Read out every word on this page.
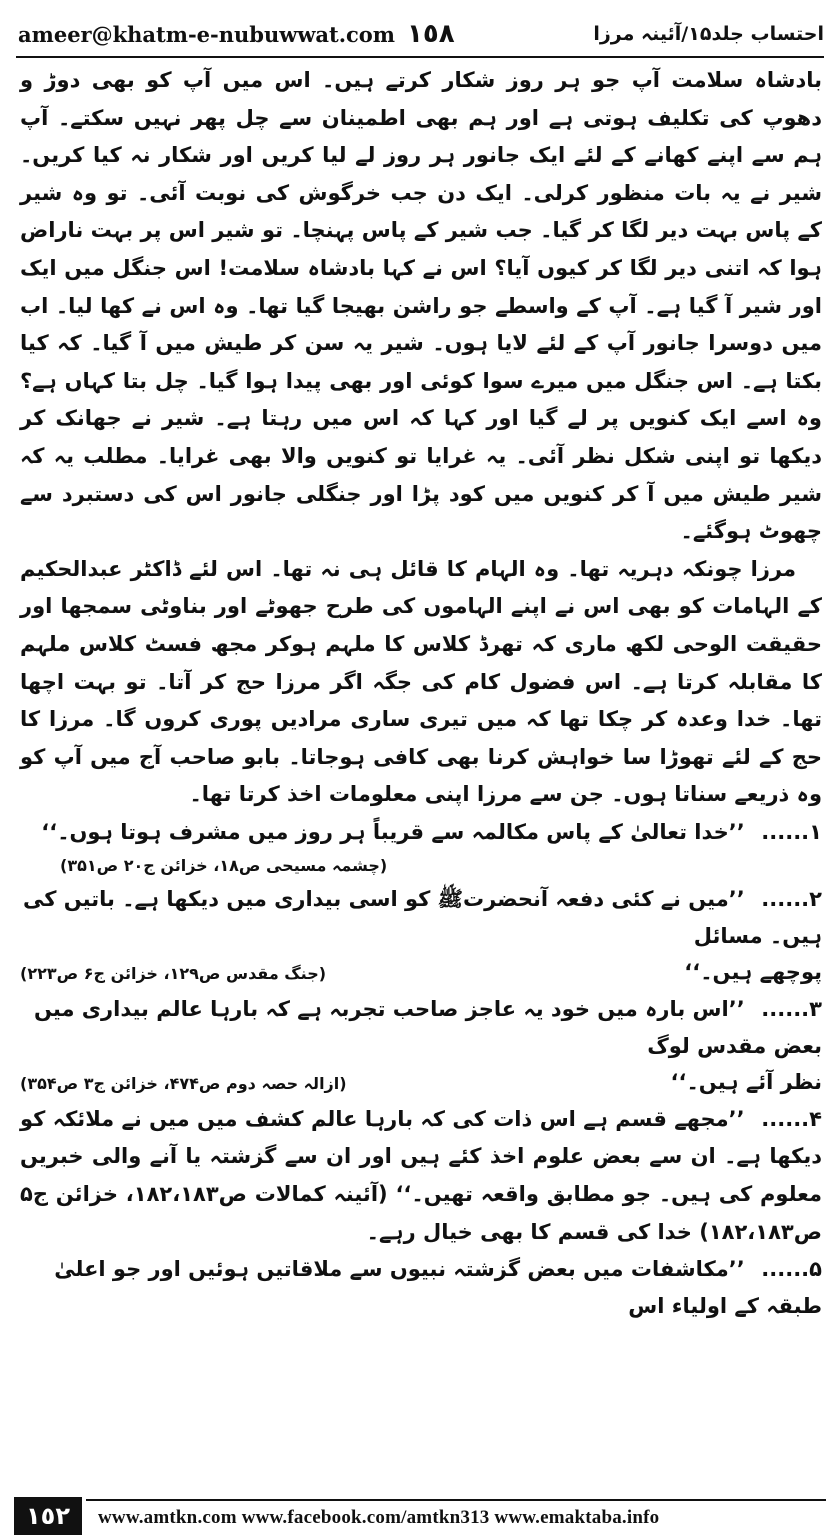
ameer@khatm-e-nubuwwat.com ١٥٨	احتساب جلد۱۵/آئینہ مرزا

بادشاہ سلامت آپ جو ہر روز شکار کرتے ہیں۔ اس میں آپ کو بھی دوڑ و دھوپ کی تکلیف ہوتی ہے اور ہم بھی اطمینان سے چل پھر نہیں سکتے۔ آپ ہم سے اپنے کھانے کے لئے ایک جانور ہر روز لے لیا کریں اور شکار نہ کیا کریں۔ شیر نے یہ بات منظور کرلی۔ ایک دن جب خرگوش کی نوبت آئی۔ تو وہ شیر کے پاس بہت دیر لگا کر گیا۔ جب شیر کے پاس پہنچا۔ تو شیر اس پر بہت ناراض ہوا کہ اتنی دیر لگا کر کیوں آیا؟ اس نے کہا بادشاہ سلامت! اس جنگل میں ایک اور شیر آ گیا ہے۔ آپ کے واسطے جو راشن بھیجا گیا تھا۔ وہ اس نے کھا لیا۔ اب میں دوسرا جانور آپ کے لئے لایا ہوں۔ شیر یہ سن کر طیش میں آ گیا۔ کہ کیا بکتا ہے۔ اس جنگل میں میرے سوا کوئی اور بھی پیدا ہوا گیا۔ چل بتا کہاں ہے؟ وہ اسے ایک کنویں پر لے گیا اور کہا کہ اس میں رہتا ہے۔ شیر نے جھانک کر دیکھا تو اپنی شکل نظر آئی۔ یہ غرایا تو کنویں والا بھی غرایا۔ مطلب یہ کہ شیر طیش میں آ کر کنویں میں کود پڑا اور جنگلی جانور اس کی دستبرد سے چھوٹ ہوگئے۔

مرزا چونکہ دہریہ تھا۔ وہ الہام کا قائل ہی نہ تھا۔ اس لئے ڈاکٹر عبدالحکیم کے الہامات کو بھی اس نے اپنے الہاموں کی طرح جھوٹے اور بناوٹی سمجھا اور حقیقت الوحی لکھ ماری کہ تھرڈ کلاس کا ملہم ہوکر مجھ فسٹ کلاس ملہم کا مقابلہ کرتا ہے۔ اس فضول کام کی جگہ اگر مرزا حج کر آتا۔ تو بہت اچھا تھا۔ خدا وعدہ کر چکا تھا کہ میں تیری ساری مرادیں پوری کروں گا۔ مرزا کا حج کے لئے تھوڑا سا خواہش کرنا بھی کافی ہوجاتا۔ بابو صاحب آج میں آپ کو وہ ذریعے سناتا ہوں۔ جن سے مرزا اپنی معلومات اخذ کرتا تھا۔

۱...... ’’خدا تعالیٰ کے پاس مکالمہ سے قریباً ہر روز میں مشرف ہوتا ہوں۔‘‘

(چشمہ مسیحی ص۱۸، خزائن ج۲۰ ص۳۵۱)

۲...... ’’میں نے کئی دفعہ آنحضرتﷺ کو اسی بیداری میں دیکھا ہے۔ باتیں کی ہیں۔ مسائل

پوچھے ہیں۔‘‘
(جنگ مقدس ص۱۲۹، خزائن ج۶ ص۲۲۳)

۳...... ’’اس بارہ میں خود یہ عاجز صاحب تجربہ ہے کہ بارہا عالم بیداری میں بعض مقدس لوگ

نظر آئے ہیں۔‘‘
(ازالہ حصہ دوم ص۴۷۴، خزائن ج۳ ص۳۵۴)

۴...... ’’مجھے قسم ہے اس ذات کی کہ بارہا عالم کشف میں میں نے ملائکہ کو دیکھا ہے۔ ان سے بعض علوم اخذ کئے ہیں اور ان سے گزشتہ یا آنے والی خبریں معلوم کی ہیں۔ جو مطابق واقعہ تھیں۔‘‘ (آئینہ کمالات ص۱۸۲،۱۸۳، خزائن ج۵ ص۱۸۲،۱۸۳) خدا کی قسم کا بھی خیال رہے۔

۵...... ’’مکاشفات میں بعض گزشتہ نبیوں سے ملاقاتیں ہوئیں اور جو اعلیٰ طبقہ کے اولیاء اس

١٥٢	www.amtkn.com www.facebook.com/amtkn313 www.emaktaba.info
